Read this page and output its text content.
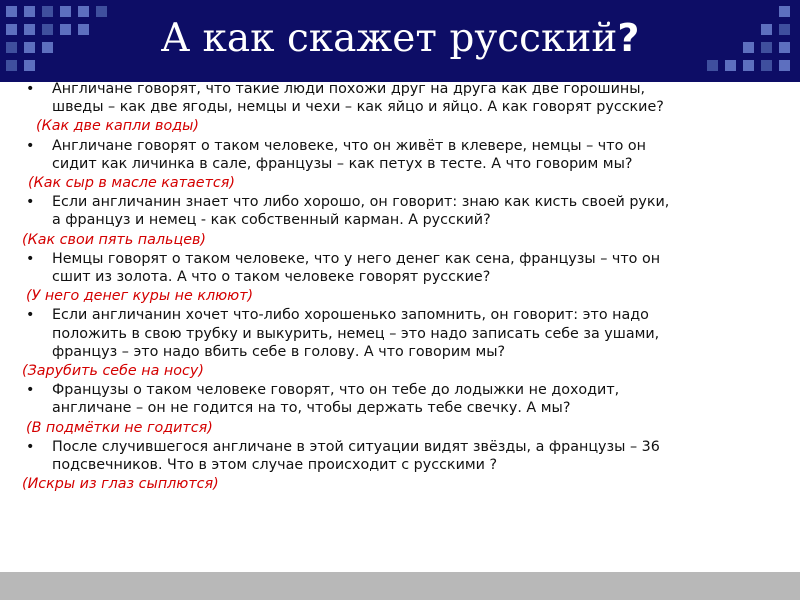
А как скажет русский?
• Англичане говорят, что такие люди похожи друг на друга как две горошины,
шведы – как две ягоды, немцы и чехи – как яйцо и яйцо. А как говорят русские?
(Как две капли воды)
• Англичане говорят о таком человеке, что он живёт в клевере, немцы – что он
сидит как личинка в сале, французы – как петух в тесте. А что говорим мы?
(Как сыр в масле катается)
• Если англичанин знает что либо хорошо, он говорит: знаю как кисть своей руки,
а француз и немец - как собственный карман. А русский?
(Как свои пять пальцев)
• Немцы говорят о таком человеке, что у него денег как сена, французы – что он
сшит из золота. А что о таком человеке говорят русские?
(У него денег куры не клюют)
• Если англичанин хочет что-либо хорошенько запомнить, он говорит: это надо
положить в свою трубку и выкурить, немец – это надо записать себе за ушами,
француз – это надо вбить себе в голову. А что говорим мы?
(Зарубить себе на носу)
• Французы о таком человеке говорят, что он тебе до лодыжки не доходит,
англичане – он не годится на то, чтобы держать тебе свечку. А мы?
(В подмётки не годится)
• После случившегося англичане в этой ситуации видят звёзды, а французы – 36
подсвечников. Что в этом случае происходит с русскими ?
(Искры из глаз сыплются)
